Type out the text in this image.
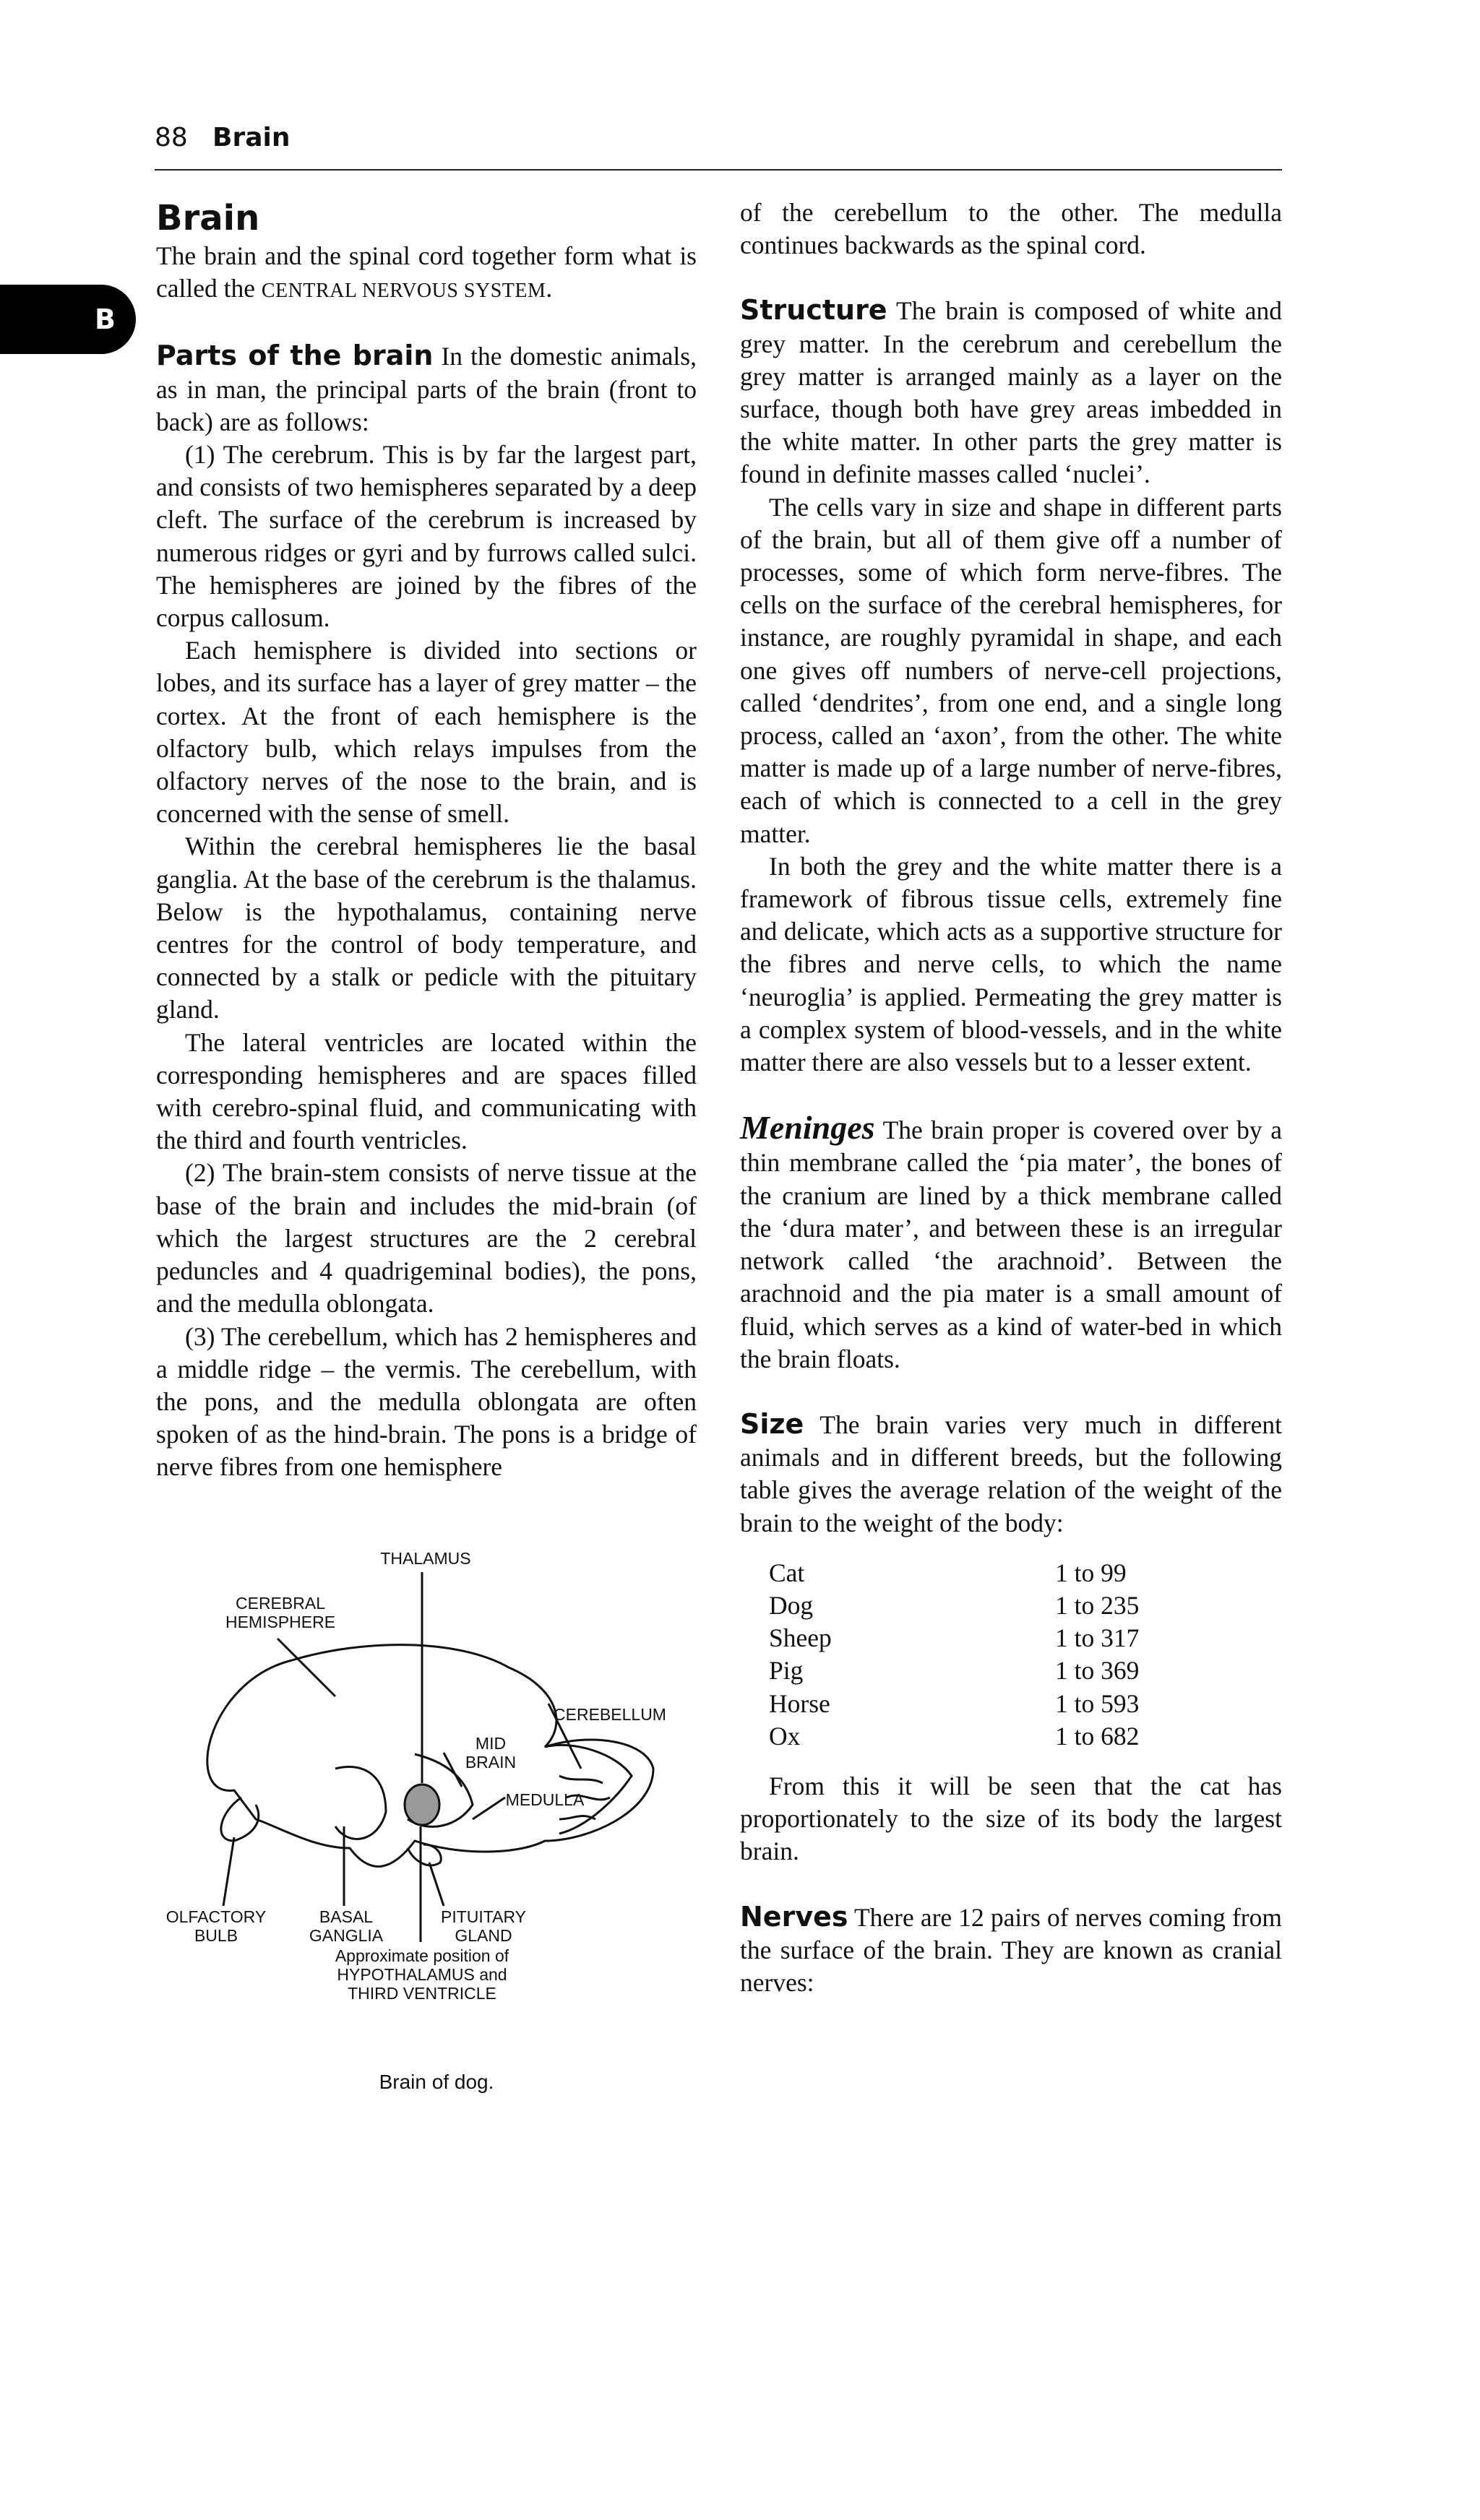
88 Brain
B
Brain

The brain and the spinal cord together form what is called the CENTRAL NERVOUS SYSTEM.

Parts of the brain In the domestic animals, as in man, the principal parts of the brain (front to back) are as follows:

(1) The cerebrum. This is by far the largest part, and consists of two hemispheres separated by a deep cleft. The surface of the cerebrum is increased by numerous ridges or gyri and by furrows called sulci. The hemispheres are joined by the fibres of the corpus callosum.

Each hemisphere is divided into sections or lobes, and its surface has a layer of grey matter – the cortex. At the front of each hemisphere is the olfactory bulb, which relays impulses from the olfactory nerves of the nose to the brain, and is concerned with the sense of smell.

Within the cerebral hemispheres lie the basal ganglia. At the base of the cerebrum is the thalamus. Below is the hypothalamus, containing nerve centres for the control of body temperature, and connected by a stalk or pedicle with the pituitary gland.

The lateral ventricles are located within the corresponding hemispheres and are spaces filled with cerebro-spinal fluid, and communicating with the third and fourth ventricles.

(2) The brain-stem consists of nerve tissue at the base of the brain and includes the mid-brain (of which the largest structures are the 2 cerebral peduncles and 4 quadrigeminal bodies), the pons, and the medulla oblongata.

(3) The cerebellum, which has 2 hemispheres and a middle ridge – the vermis. The cerebellum, with the pons, and the medulla oblongata are often spoken of as the hind-brain. The pons is a bridge of nerve fibres from one hemisphere

of the cerebellum to the other. The medulla continues backwards as the spinal cord.

Structure The brain is composed of white and grey matter. In the cerebrum and cerebellum the grey matter is arranged mainly as a layer on the surface, though both have grey areas imbedded in the white matter. In other parts the grey matter is found in definite masses called ‘nuclei’.

The cells vary in size and shape in different parts of the brain, but all of them give off a number of processes, some of which form nerve-fibres. The cells on the surface of the cerebral hemispheres, for instance, are roughly pyramidal in shape, and each one gives off numbers of nerve-cell projections, called ‘dendrites’, from one end, and a single long process, called an ‘axon’, from the other. The white matter is made up of a large number of nerve-fibres, each of which is connected to a cell in the grey matter.

In both the grey and the white matter there is a framework of fibrous tissue cells, extremely fine and delicate, which acts as a supportive structure for the fibres and nerve cells, to which the name ‘neuroglia’ is applied. Permeating the grey matter is a complex system of blood-vessels, and in the white matter there are also vessels but to a lesser extent.

Meninges The brain proper is covered over by a thin membrane called the ‘pia mater’, the bones of the cranium are lined by a thick membrane called the ‘dura mater’, and between these is an irregular network called ‘the arachnoid’. Between the arachnoid and the pia mater is a small amount of fluid, which serves as a kind of water-bed in which the brain floats.

Size The brain varies very much in different animals and in different breeds, but the following table gives the average relation of the weight of the brain to the weight of the body:

Cat	1 to 99
Dog	1 to 235
Sheep	1 to 317
Pig	1 to 369
Horse	1 to 593
Ox	1 to 682

From this it will be seen that the cat has proportionately to the size of its body the largest brain.

Nerves There are 12 pairs of nerves coming from the surface of the brain. They are known as cranial nerves:

THALAMUS
CEREBRAL
HEMISPHERE
CEREBELLUM
MID
BRAIN
MEDULLA
OLFACTORY
BULB
BASAL
GANGLIA
PITUITARY
GLAND
Approximate position of
HYPOTHALAMUS and
THIRD VENTRICLE
Brain of dog.
